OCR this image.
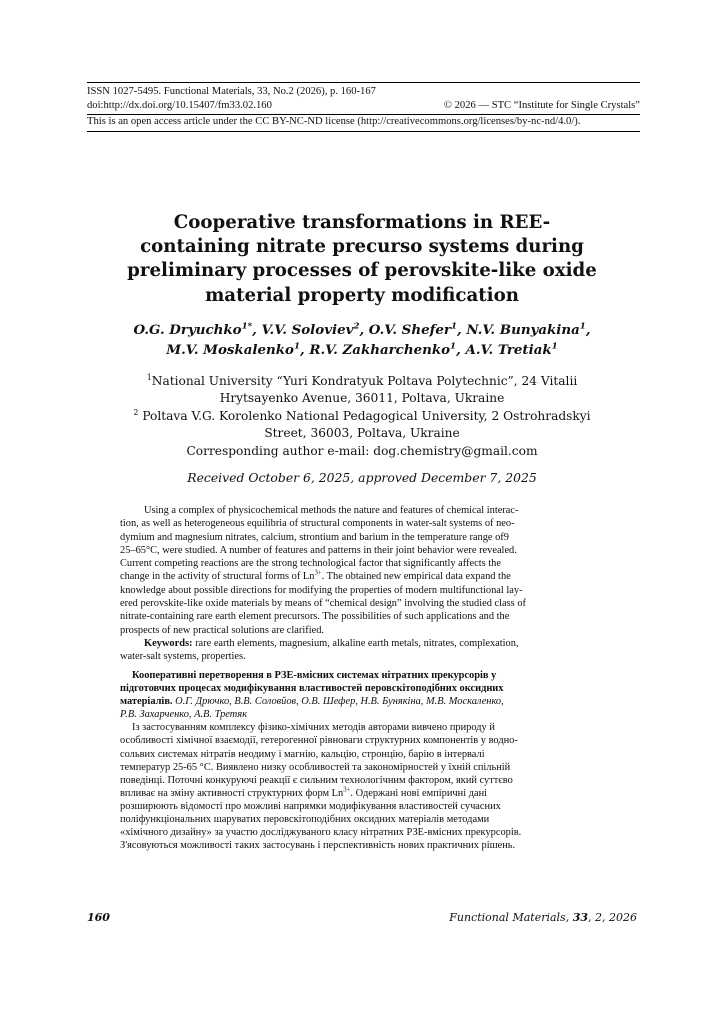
ISSN 1027-5495. Functional Materials, 33, No.2 (2026), p. 160-167
doi:http://dx.doi.org/10.15407/fm33.02.160	© 2026 — STC “Institute for Single Crystals”
This is an open access article under the CC BY-NC-ND license (http://creativecommons.org/licenses/by-nc-nd/4.0/).
Cooperative transformations in REE-
containing nitrate precurso systems during
preliminary processes of perovskite-like oxide
material property modification
O.G. Dryuchko$^{1*}$, V.V. Soloviev$^2$, O.V. Shefer$^1$, N.V. Bunyakina$^1$,
M.V. Moskalenko$^1$, R.V. Zakharchenko$^1$, A.V. Tretiak$^1$
$^1$National University “Yuri Kondratyuk Poltava Polytechnic”, 24 Vitalii
Hrytsayenko Avenue, 36011, Poltava, Ukraine
$^2$ Poltava V.G. Korolenko National Pedagogical University, 2 Ostrohradskyi
Street, 36003, Poltava, Ukraine
Corresponding author e-mail: dog.chemistry@gmail.com
Received October 6, 2025, approved December 7, 2025
Using a complex of physicochemical methods the nature and features of chemical interac-
tion, as well as heterogeneous equilibria of structural components in water-salt systems of neo-
dymium and magnesium nitrates, calcium, strontium and barium in the temperature range of9
25–65°C, were studied. A number of features and patterns in their joint behavior were revealed.
Current competing reactions are the strong technological factor that significantly affects the
change in the activity of structural forms of $Ln^{3+}$. The obtained new empirical data expand the
knowledge about possible directions for modifying the properties of modern multifunctional lay-
ered perovskite-like oxide materials by means of “chemical design” involving the studied class of
nitrate-containing rare earth element precursors. The possibilities of such applications and the
prospects of new practical solutions are clarified.
Keywords: rare earth elements, magnesium, alkaline earth metals, nitrates, complexation,
water-salt systems, properties.
Кооперативні перетворення в РЗЕ-вмісних системах нітратних прекурсорів у
підготовчих процесах модифікування властивостей перовскітоподібних оксидних
матеріалів. О.Г. Дрючко, В.В. Соловйов, О.В. Шефер, Н.В. Бунякіна, М.В. Москаленко,
Р.В. Захарченко, А.В. Третяк
Із застосуванням комплексу фізико-хімічних методів авторами вивчено природу й
особливості хімічної взаємодії, гетерогенної рівноваги структурних компонентів у водно-
сольвих системах нітратів неодиму і магнію, кальцію, стронцію, барію в інтервалі
температур 25-65 °С. Виявлено низку особливостей та закономірностей у їхній спільній
поведінці. Поточні конкуруючі реакції є сильним технологічним фактором, який суттєво
впливає на зміну активності структурних форм $Ln^{3+}$. Одержані нові емпіричні дані
розширюють відомості про можливі напрямки модифікування властивостей сучасних
поліфункціональних шаруватих перовскітоподібних оксидних матеріалів методами
«хімічного дизайну» за участю досліджуваного класу нітратних РЗЕ-вмісних прекурсорів.
З'ясовуються можливості таких застосувань і перспективність нових практичних рішень.
160	Functional Materials, 33, 2, 2026
